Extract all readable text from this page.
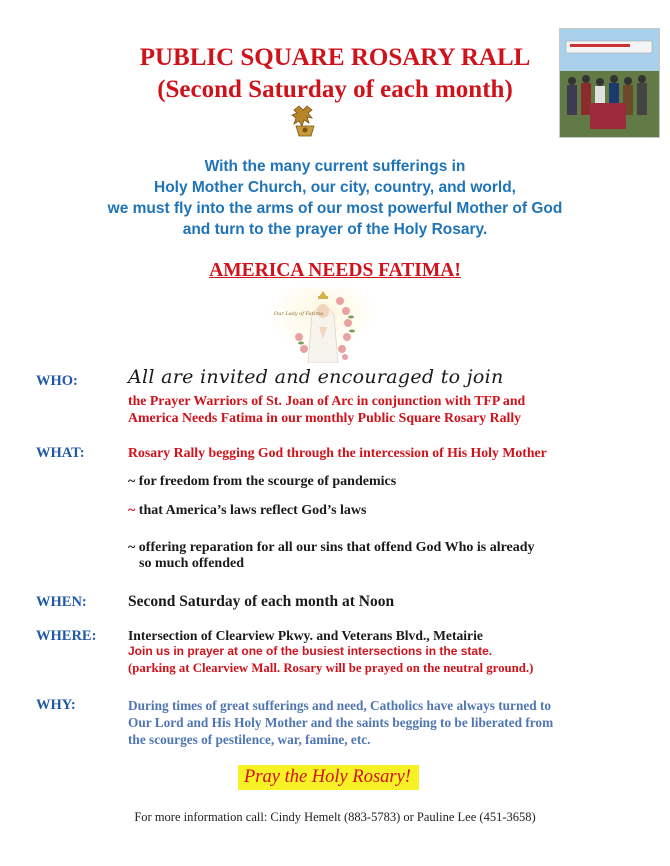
PUBLIC SQUARE ROSARY RALL
(Second Saturday of each month)
With the many current sufferings in
Holy Mother Church, our city, country, and world,
we must fly into the arms of our most powerful Mother of God
and turn to the prayer of the Holy Rosary.
AMERICA NEEDS FATIMA!
Our Lady of Fatima
WHO:	All are invited and encouraged to join
the Prayer Warriors of St. Joan of Arc in conjunction with TFP and
America Needs Fatima in our monthly Public Square Rosary Rally
WHAT:	Rosary Rally begging God through the intercession of His Holy Mother
~ for freedom from the scourge of pandemics
~ that America’s laws reflect God’s laws
~ offering reparation for all our sins that offend God Who is already
so much offended
WHEN:	Second Saturday of each month at Noon
WHERE: Intersection of Clearview Pkwy. and Veterans Blvd., Metairie
Join us in prayer at one of the busiest intersections in the state.
(parking at Clearview Mall. Rosary will be prayed on the neutral ground.)
WHY:	During times of great sufferings and need, Catholics have always turned to
Our Lord and His Holy Mother and the saints begging to be liberated from
the scourges of pestilence, war, famine, etc.
Pray the Holy Rosary!
For more information call: Cindy Hemelt (883-5783) or Pauline Lee (451-3658)
